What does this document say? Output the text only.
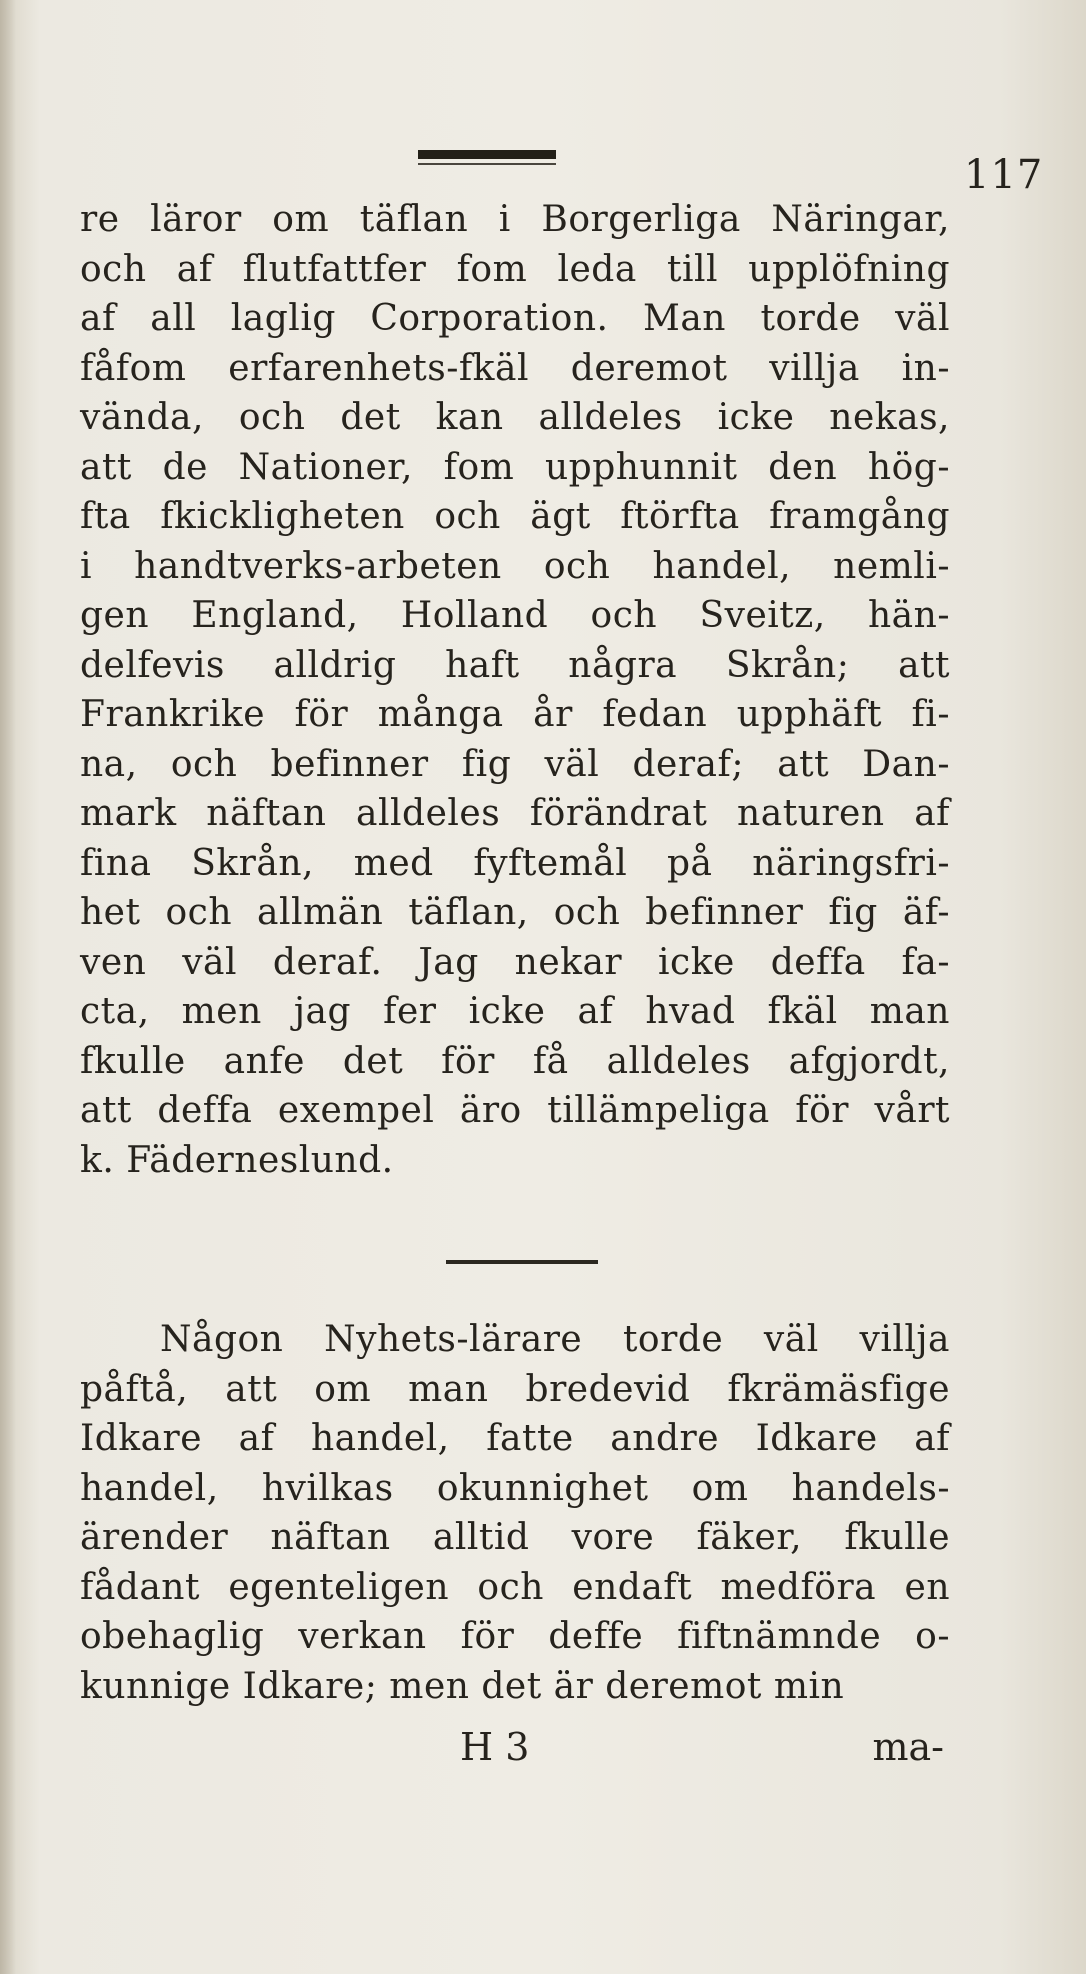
117
re läror om täflan i Borgerliga Näringar,
och af flutfattfer fom leda till upplöfning
af all laglig Corporation. Man torde väl
fåfom erfarenhets-fkäl deremot villja in-
vända, och det kan alldeles icke nekas,
att de Nationer, fom upphunnit den hög-
fta fkickligheten och ägt ftörfta framgång
i handtverks-arbeten och handel, nemli-
gen England, Holland och Sveitz, hän-
delfevis alldrig haft några Skrån; att
Frankrike för många år fedan upphäft fi-
na, och befinner fig väl deraf; att Dan-
mark näftan alldeles förändrat naturen af
fina Skrån, med fyftemål på näringsfri-
het och allmän täflan, och befinner fig äf-
ven väl deraf. Jag nekar icke deffa fa-
cta, men jag fer icke af hvad fkäl man
fkulle anfe det för få alldeles afgjordt,
att deffa exempel äro tillämpeliga för vårt
k. Fäderneslund.
Någon Nyhets-lärare torde väl villja
påftå, att om man bredevid fkrämäsfige
Idkare af handel, fatte andre Idkare af
handel, hvilkas okunnighet om handels-
ärender näftan alltid vore fäker, fkulle
fådant egenteligen och endaft medföra en
obehaglig verkan för deffe fiftnämnde o-
kunnige Idkare; men det är deremot min
H 3	ma-
